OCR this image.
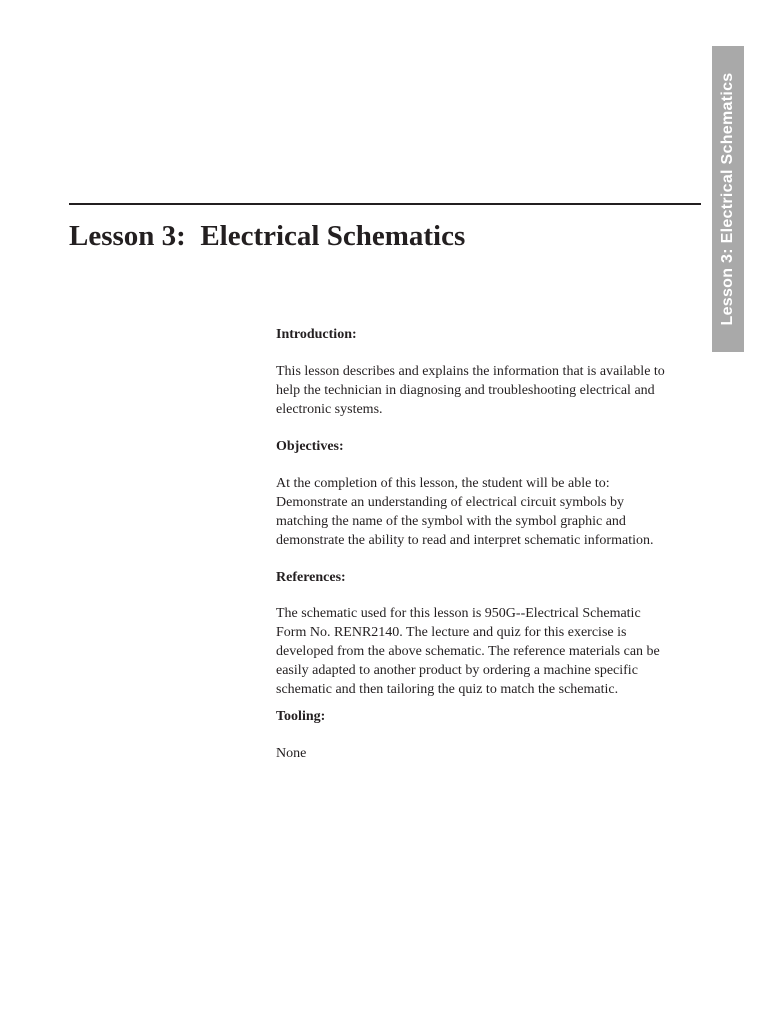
Lesson 3: Electrical Schematics
Lesson 3:  Electrical Schematics
Introduction:
This lesson describes and explains the information that is available to
help the technician in diagnosing and troubleshooting electrical and
electronic systems.
Objectives:
At the completion of this lesson, the student will be able to:
Demonstrate an understanding of electrical circuit symbols by
matching the name of the symbol with the symbol graphic and
demonstrate the ability to read and interpret schematic information.
References:
The schematic used for this lesson is 950G--Electrical Schematic
Form No. RENR2140. The lecture and quiz for this exercise is
developed from the above schematic. The reference materials can be
easily adapted to another product by ordering a machine specific
schematic and then tailoring the quiz to match the schematic.
Tooling:
None
